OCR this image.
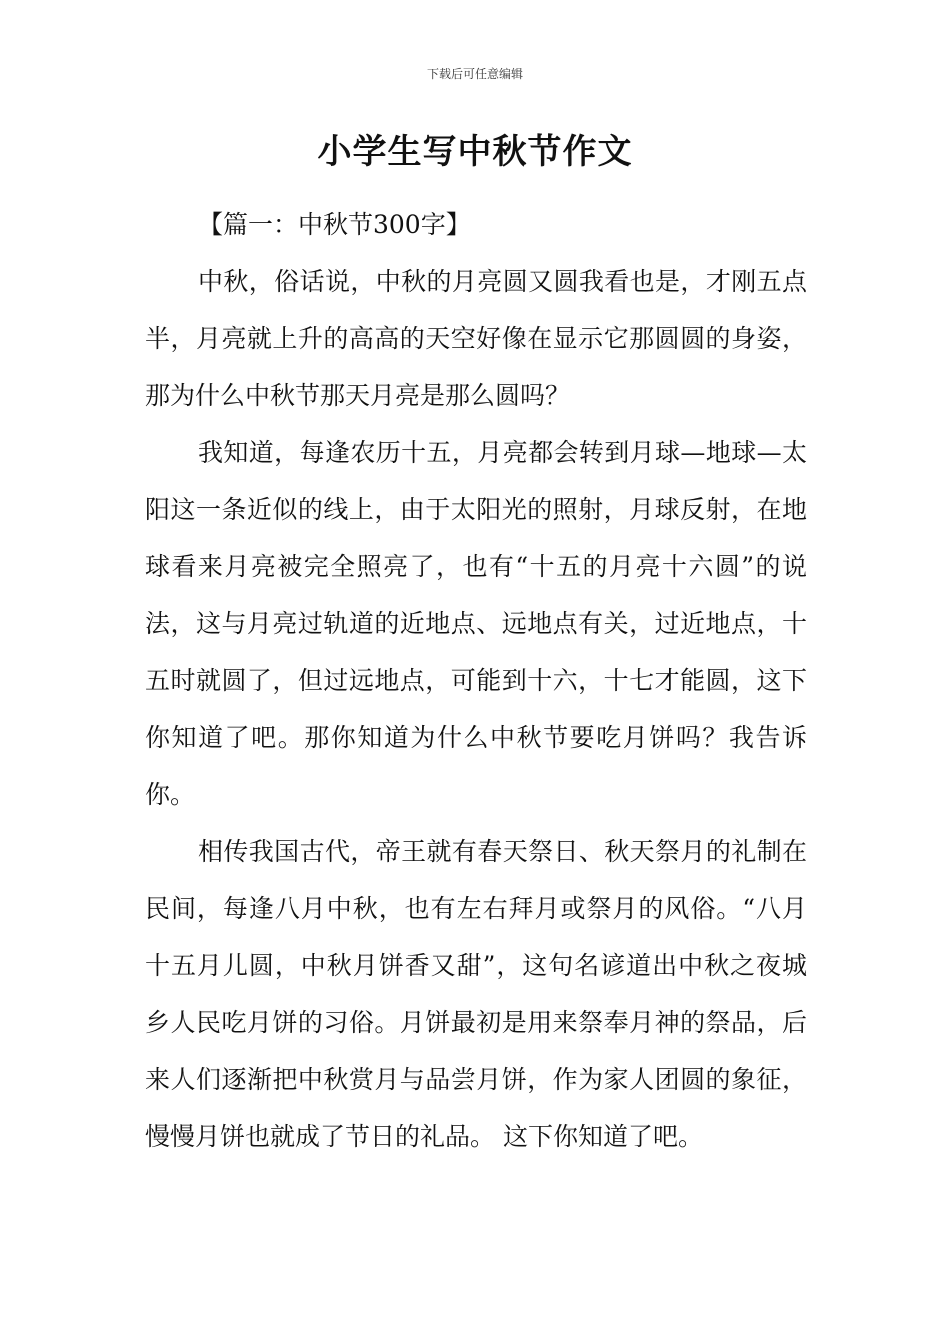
下载后可任意编辑
小学生写中秋节作文

【篇一：中秋节300字】

中秋，俗话说，中秋的月亮圆又圆我看也是，才刚五点半，月亮就上升的高高的天空好像在显示它那圆圆的身姿，那为什么中秋节那天月亮是那么圆吗？

我知道，每逢农历十五，月亮都会转到月球—地球—太阳这一条近似的线上，由于太阳光的照射，月球反射，在地球看来月亮被完全照亮了，也有“十五的月亮十六圆”的说法，这与月亮过轨道的近地点、远地点有关，过近地点，十五时就圆了，但过远地点，可能到十六，十七才能圆，这下你知道了吧。那你知道为什么中秋节要吃月饼吗？我告诉你。

相传我国古代，帝王就有春天祭日、秋天祭月的礼制在民间，每逢八月中秋，也有左右拜月或祭月的风俗。“八月十五月儿圆，中秋月饼香又甜”，这句名谚道出中秋之夜城乡人民吃月饼的习俗。月饼最初是用来祭奉月神的祭品，后来人们逐渐把中秋赏月与品尝月饼，作为家人团圆的象征，慢慢月饼也就成了节日的礼品。 这下你知道了吧。
